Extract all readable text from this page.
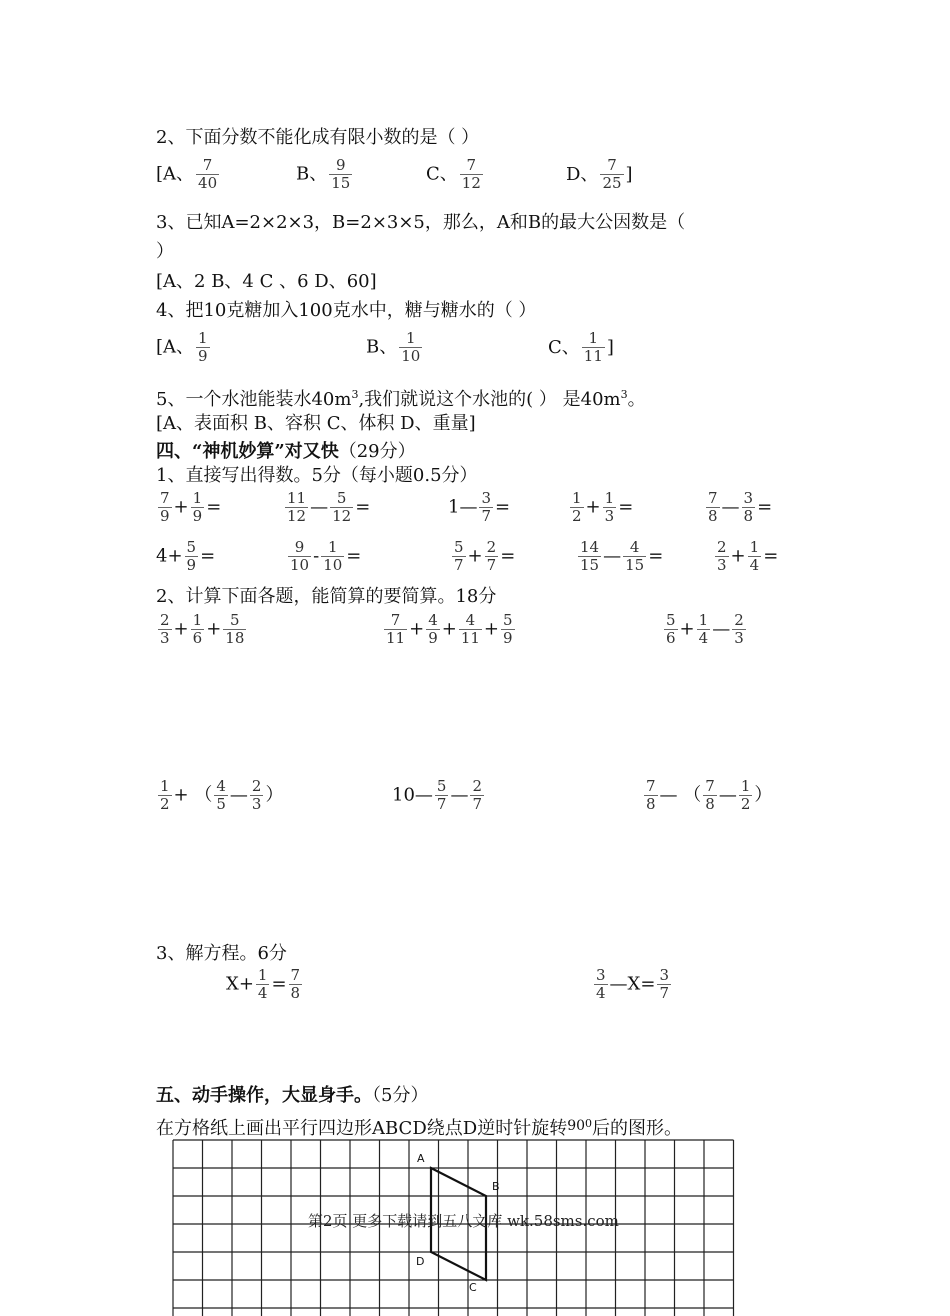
2、下面分数不能化成有限小数的是（ ）
[A、 $\frac{7}{40}$	B、 $\frac{9}{15}$	C、 $\frac{7}{12}$	D、 $\frac{7}{25}$ ]
3、已知A=2×2×3，B=2×3×5，那么，A和B的最大公因数是（
）
[A、2 B、4 C 、6 D、60]
4、把10克糖加入100克水中，糖与糖水的（ ）
[A、 $\frac{1}{9}$	B、 $\frac{1}{10}$	C、 $\frac{1}{11}$ ]
5、一个水池能装水$40m^3$,我们就说这个水池的( ） 是$40m^3$。
[A、表面积 B、容积 C、体积 D、重量]
四、“神机妙算”对又快（29分）
1、直接写出得数。5分（每小题0.5分）
$\frac{7}{9} + \frac{1}{9}$ =	$\frac{11}{12}$ — $\frac{5}{12}$ =	1— $\frac{3}{7}$ =	$\frac{1}{2} + \frac{1}{3}$ =	$\frac{7}{8}$ — $\frac{3}{8}$ =
$4+ \frac{5}{9}$ =	$\frac{9}{10} - \frac{1}{10}$ =	$\frac{5}{7} + \frac{2}{7}$ =	$\frac{14}{15}$ — $\frac{4}{15}$ =	$\frac{2}{3} + \frac{1}{4}$ =
2、计算下面各题，能简算的要简算。18分
$\frac{2}{3} + \frac{1}{6} + \frac{5}{18}$	$\frac{7}{11} + \frac{4}{9} + \frac{4}{11} + \frac{5}{9}$	$\frac{5}{6} + \frac{1}{4}$ — $\frac{2}{3}$
$\frac{1}{2}$ + （ $\frac{4}{5}$ — $\frac{2}{3}$ ）	10— $\frac{5}{7}$ — $\frac{2}{7}$	$\frac{7}{8}$ — （ $\frac{7}{8}$ — $\frac{1}{2}$ ）
3、解方程。6分
$X+ \frac{1}{4} = \frac{7}{8}$	$\frac{3}{4}$ —X= $\frac{3}{7}$
五、动手操作，大显身手。（5分）
在方格纸上画出平行四边形ABCD绕点D逆时针旋转$^{900}$后的图形。
A
B
C
D
第2页 更多下载请到五八文库 wk.58sms.com
